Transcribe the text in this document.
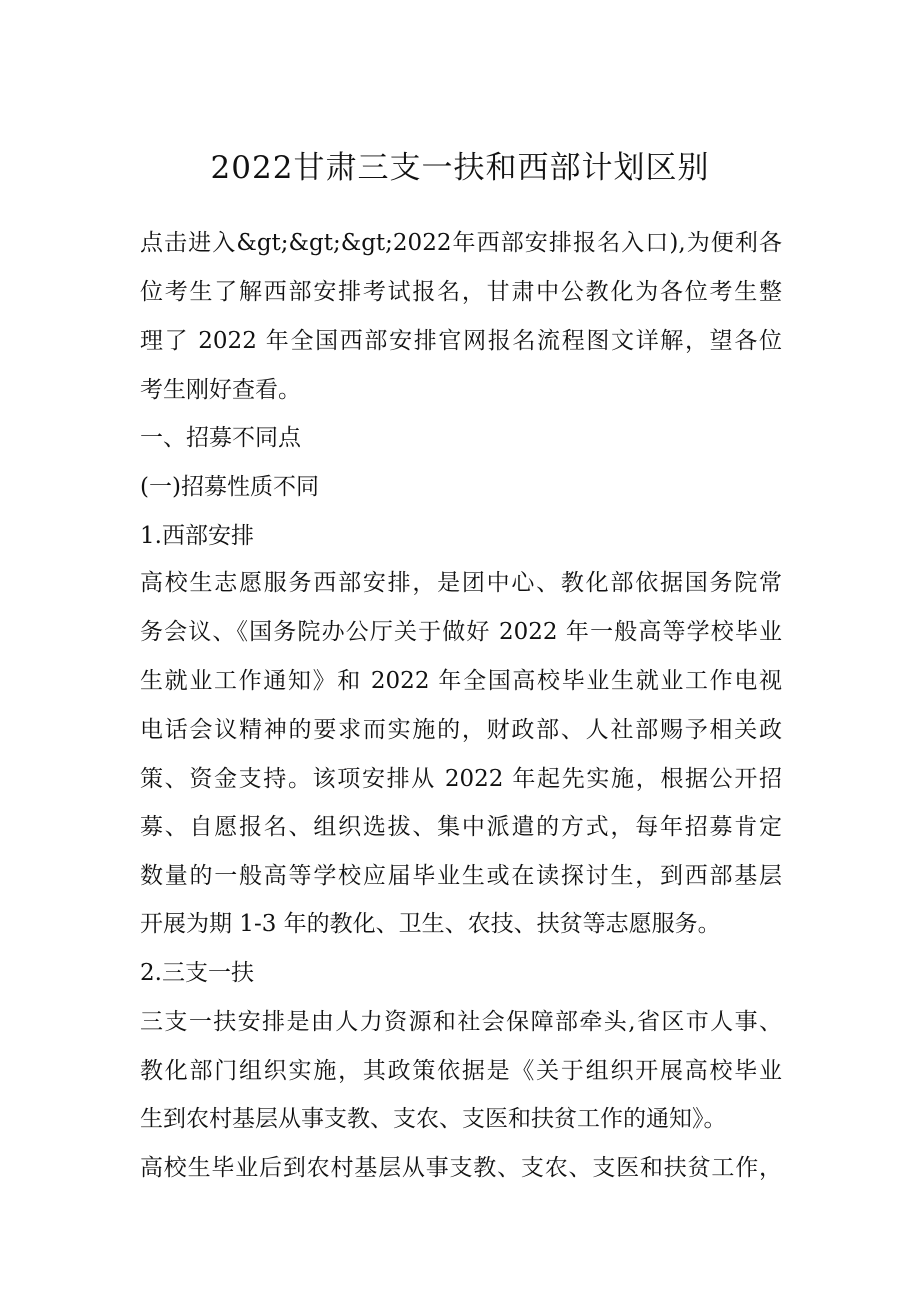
2022甘肃三支一扶和西部计划区别
点击进入&gt;&gt;&gt;2022年西部安排报名入口),为便利各
位考生了解西部安排考试报名，甘肃中公教化为各位考生整
理了 2022 年全国西部安排官网报名流程图文详解，望各位
考生刚好查看。
一、招募不同点
(一)招募性质不同
1.西部安排
高校生志愿服务西部安排，是团中心、教化部依据国务院常
务会议、《国务院办公厅关于做好 2022 年一般高等学校毕业
生就业工作通知》和 2022 年全国高校毕业生就业工作电视
电话会议精神的要求而实施的，财政部、人社部赐予相关政
策、资金支持。该项安排从 2022 年起先实施，根据公开招
募、自愿报名、组织选拔、集中派遣的方式，每年招募肯定
数量的一般高等学校应届毕业生或在读探讨生，到西部基层
开展为期 1-3 年的教化、卫生、农技、扶贫等志愿服务。
2.三支一扶
三支一扶安排是由人力资源和社会保障部牵头,省区市人事、
教化部门组织实施，其政策依据是《关于组织开展高校毕业
生到农村基层从事支教、支农、支医和扶贫工作的通知》。
高校生毕业后到农村基层从事支教、支农、支医和扶贫工作，
